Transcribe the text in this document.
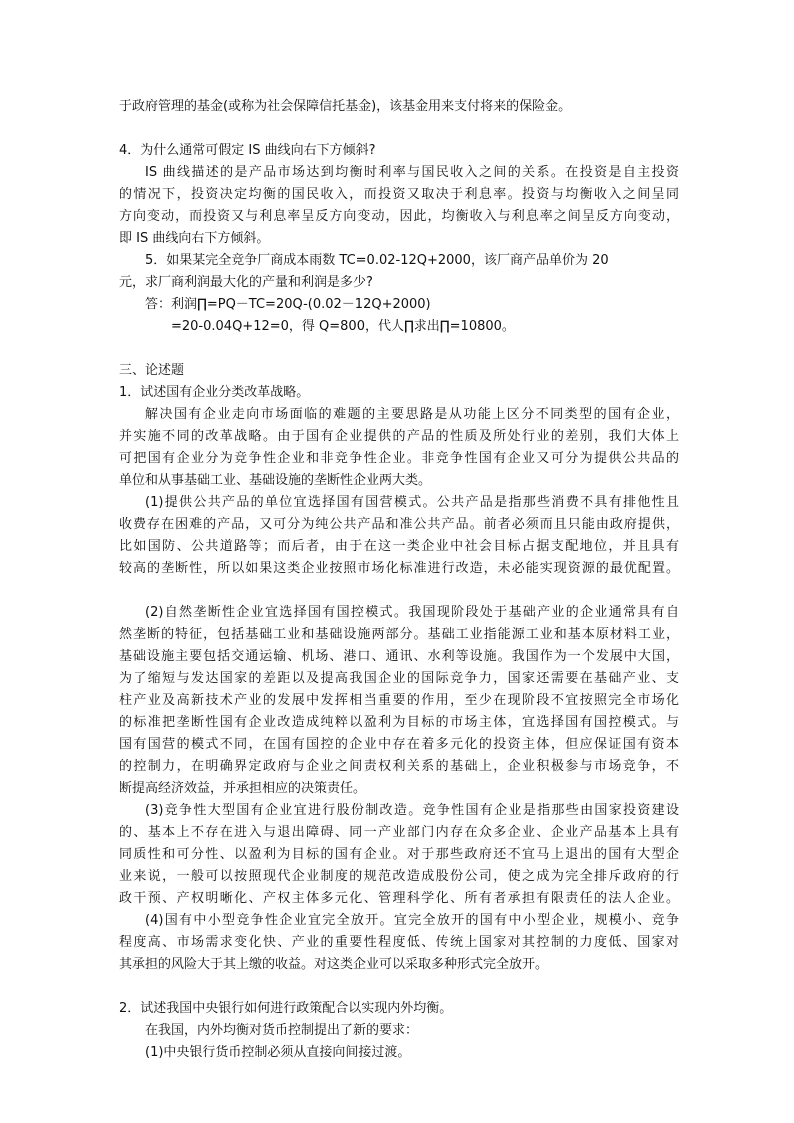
于政府管理的基金(或称为社会保障信托基金)，该基金用来支付将来的保险金。
4．为什么通常可假定 IS 曲线向右下方倾斜?
IS 曲线描述的是产品市场达到均衡时利率与国民收入之间的关系。在投资是自主投资
的情况下，投资决定均衡的国民收入，而投资又取决于利息率。投资与均衡收入之间呈同
方向变动，而投资又与利息率呈反方向变动，因此，均衡收入与利息率之间呈反方向变动，
即 IS 曲线向右下方倾斜。
5．如果某完全竞争厂商成本雨数 TC=0.02-12Q+2000，该厂商产品单价为 20
元，求厂商利润最大化的产量和利润是多少?
答：利润∏=PQ－TC=20Q-(0.02－12Q+2000)
=20-0.04Q+12=0，得 Q=800，代人∏求出∏=10800。
三、论述题
1．试述国有企业分类改革战略。
解决国有企业走向市场面临的难题的主要思路是从功能上区分不同类型的国有企业，
并实施不同的改革战略。由于国有企业提供的产品的性质及所处行业的差别，我们大体上
可把国有企业分为竞争性企业和非竞争性企业。非竞争性国有企业又可分为提供公共品的
单位和从事基础工业、基础设施的垄断性企业两大类。
(1)提供公共产品的单位宜选择国有国营模式。公共产品是指那些消费不具有排他性且
收费存在困难的产品，又可分为纯公共产品和准公共产品。前者必须而且只能由政府提供，
比如国防、公共道路等；而后者，由于在这一类企业中社会目标占据支配地位，并且具有
较高的垄断性，所以如果这类企业按照市场化标准进行改造，未必能实现资源的最优配置。
(2)自然垄断性企业宜选择国有国控模式。我国现阶段处于基础产业的企业通常具有自
然垄断的特征，包括基础工业和基础设施两部分。基础工业指能源工业和基本原材料工业，
基础设施主要包括交通运输、机场、港口、通讯、水利等设施。我国作为一个发展中大国，
为了缩短与发达国家的差距以及提高我国企业的国际竞争力，国家还需要在基础产业、支
柱产业及高新技术产业的发展中发挥相当重要的作用，至少在现阶段不宜按照完全市场化
的标准把垄断性国有企业改造成纯粹以盈利为目标的市场主体，宜选择国有国控模式。与
国有国营的模式不同，在国有国控的企业中存在着多元化的投资主体，但应保证国有资本
的控制力，在明确界定政府与企业之间责权利关系的基础上，企业积极参与市场竞争，不
断提高经济效益，并承担相应的决策责任。
(3)竞争性大型国有企业宜进行股份制改造。竞争性国有企业是指那些由国家投资建设
的、基本上不存在进入与退出障碍、同一产业部门内存在众多企业、企业产品基本上具有
同质性和可分性、以盈利为目标的国有企业。对于那些政府还不宜马上退出的国有大型企
业来说，一般可以按照现代企业制度的规范改造成股份公司，使之成为完全排斥政府的行
政干预、产权明晰化、产权主体多元化、管理科学化、所有者承担有限责任的法人企业。
(4)国有中小型竞争性企业宜完全放开。宜完全放开的国有中小型企业，规模小、竞争
程度高、市场需求变化快、产业的重要性程度低、传统上国家对其控制的力度低、国家对
其承担的风险大于其上缴的收益。对这类企业可以采取多种形式完全放开。
2．试述我国中央银行如何进行政策配合以实现内外均衡。
在我国，内外均衡对货币控制提出了新的要求：
(1)中央银行货币控制必须从直接向间接过渡。
